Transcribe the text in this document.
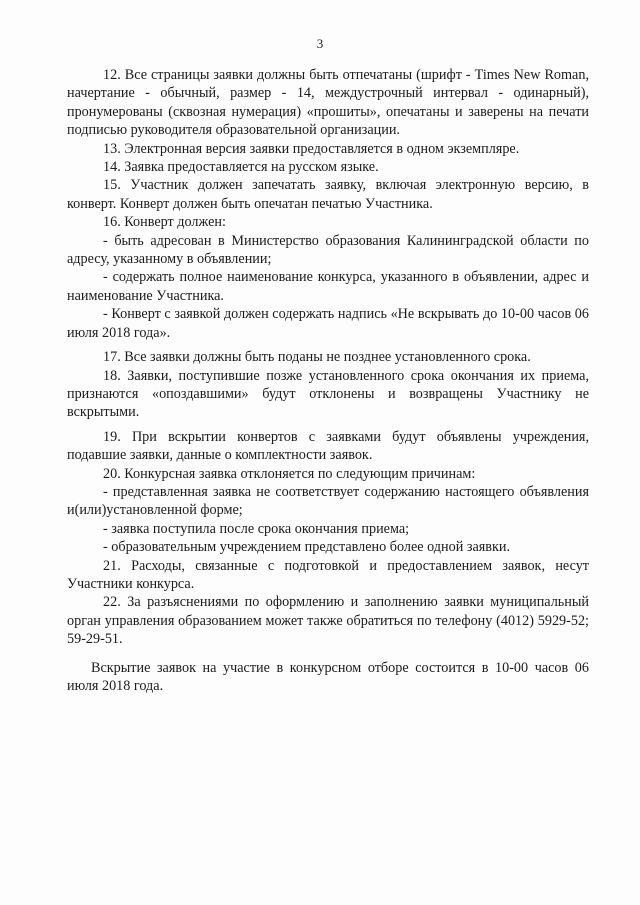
3

12. Все страницы заявки должны быть отпечатаны (шрифт - Times New Roman, начертание - обычный, размер - 14, междустрочный интервал - одинарный), пронумерованы (сквозная нумерация) «прошиты», опечатаны и заверены на печати подписью руководителя образовательной организации.

13. Электронная версия заявки предоставляется в одном экземпляре.

14. Заявка предоставляется на русском языке.

15. Участник должен запечатать заявку, включая электронную версию, в конверт. Конверт должен быть опечатан печатью Участника.

16. Конверт должен:

- быть адресован в Министерство образования Калининградской области по адресу, указанному в объявлении;

- содержать полное наименование конкурса, указанного в объявлении, адрес и наименование Участника.

- Конверт с заявкой должен содержать надпись «Не вскрывать до 10-00 часов 06 июля 2018 года».

17. Все заявки должны быть поданы не позднее установленного срока.

18. Заявки, поступившие позже установленного срока окончания их приема, признаются «опоздавшими» будут отклонены и возвращены Участнику не вскрытыми.

19. При вскрытии конвертов с заявками будут объявлены учреждения, подавшие заявки, данные о комплектности заявок.

20. Конкурсная заявка отклоняется по следующим причинам:

- представленная заявка не соответствует содержанию настоящего объявления и(или)установленной форме;

- заявка поступила после срока окончания приема;

- образовательным учреждением представлено более одной заявки.

21. Расходы, связанные с подготовкой и предоставлением заявок, несут Участники конкурса.

22. За разъяснениями по оформлению и заполнению заявки муниципальный орган управления образованием может также обратиться по телефону (4012) 5929-52; 59-29-51.

Вскрытие заявок на участие в конкурсном отборе состоится в 10-00 часов 06 июля 2018 года.
